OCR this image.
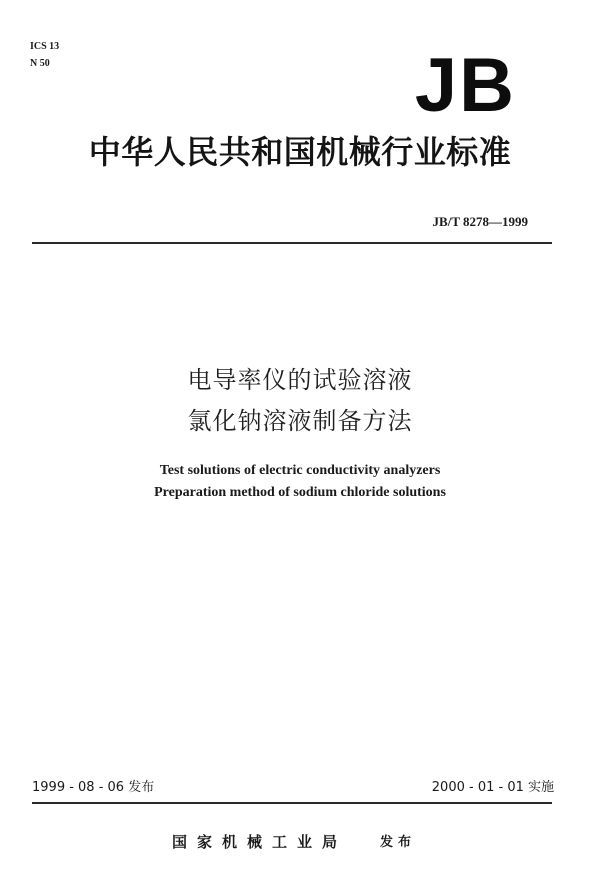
ICS 13
N 50	JB
中华人民共和国机械行业标准
JB/T 8278—1999
电导率仪的试验溶液
氯化钠溶液制备方法
Test solutions of electric conductivity analyzers
Preparation method of sodium chloride solutions
1999 - 08 - 06 发布	2000 - 01 - 01 实施
国家机械工业局	发布
